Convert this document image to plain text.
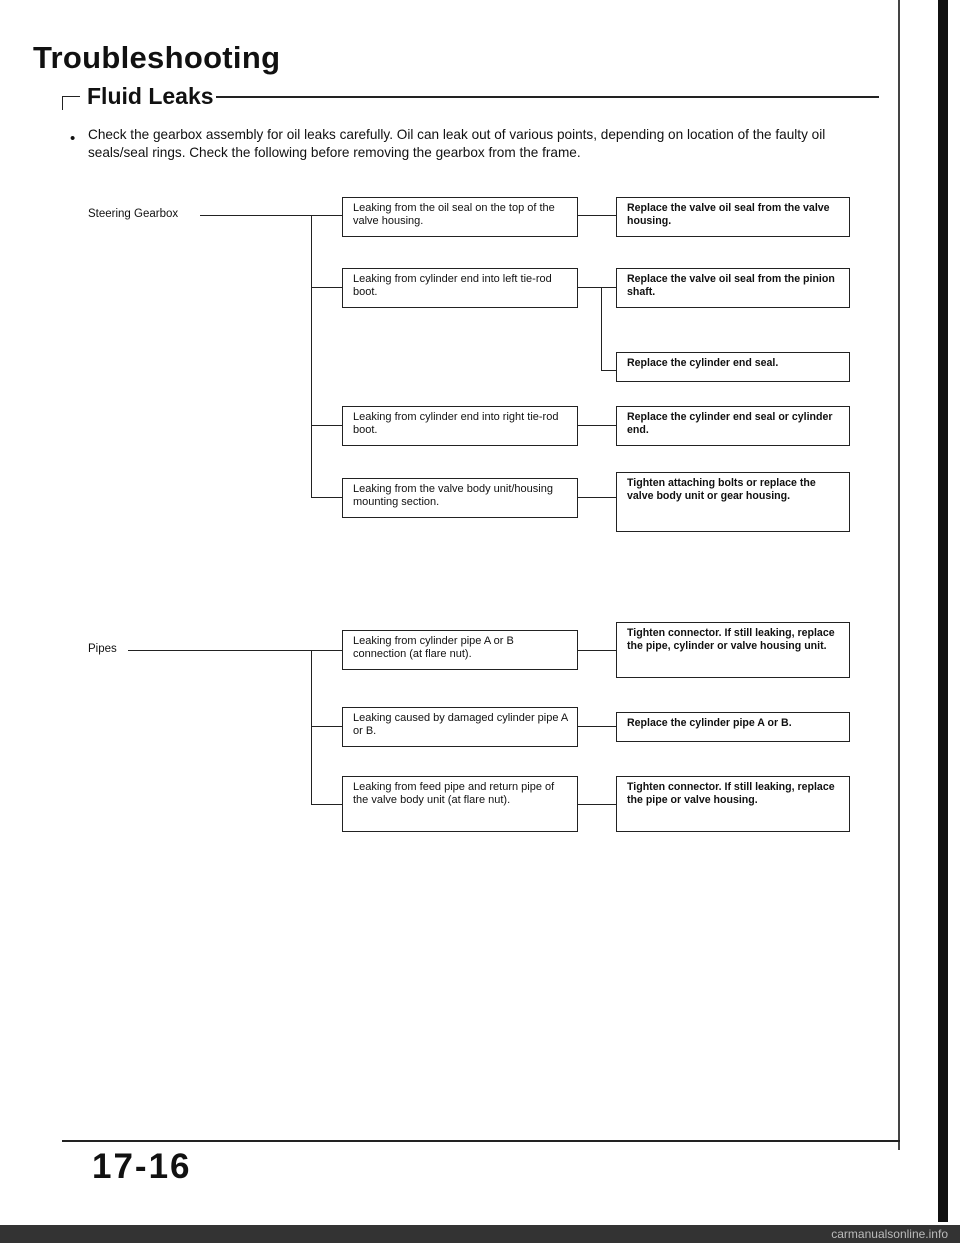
Troubleshooting
Fluid Leaks
• Check the gearbox assembly for oil leaks carefully. Oil can leak out of various points, depending on location of the faulty oil seals/seal rings. Check the following before removing the gearbox from the frame.
Steering Gearbox	Leaking from the oil seal on the top of the valve housing.
Leaking from cylinder end into left tie-rod boot.
Leaking from cylinder end into right tie-rod boot.
Leaking from the valve body unit/housing mounting section.
Replace the valve oil seal from the valve housing.
Replace the valve oil seal from the pinion shaft.
Replace the cylinder end seal.
Replace the cylinder end seal or cylinder end.
Tighten attaching bolts or replace the valve body unit or gear housing.
Pipes
Leaking from cylinder pipe A or B connection (at flare nut).
Leaking caused by damaged cylinder pipe A or B.
Leaking from feed pipe and return pipe of the valve body unit (at flare nut).
Tighten connector. If still leaking, replace the pipe, cylinder or valve housing unit.
Replace the cylinder pipe A or B.
Tighten connector. If still leaking, replace the pipe or valve housing.
17-16
carmanualsonline.info
